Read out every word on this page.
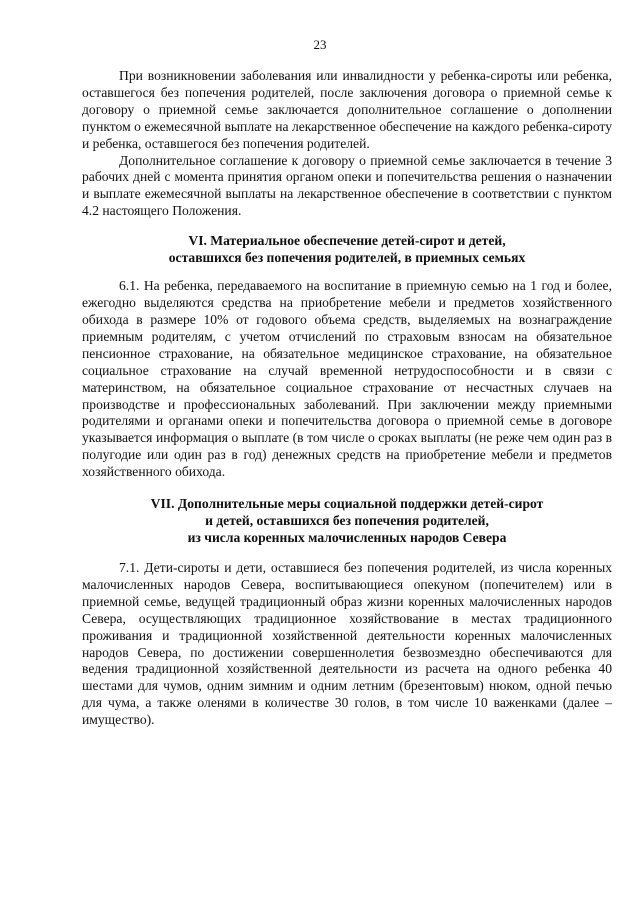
23

При возникновении заболевания или инвалидности у ребенка-сироты или ребенка, оставшегося без попечения родителей, после заключения договора о приемной семье к договору о приемной семье заключается дополнительное соглашение о дополнении пунктом о ежемесячной выплате на лекарственное обеспечение на каждого ребенка-сироту и ребенка, оставшегося без попечения родителей.

Дополнительное соглашение к договору о приемной семье заключается в течение 3 рабочих дней с момента принятия органом опеки и попечительства решения о назначении и выплате ежемесячной выплаты на лекарственное обеспечение в соответствии с пунктом 4.2 настоящего Положения.

VI. Материальное обеспечение детей-сирот и детей,
оставшихся без попечения родителей, в приемных семьях

6.1. На ребенка, передаваемого на воспитание в приемную семью на 1 год и более, ежегодно выделяются средства на приобретение мебели и предметов хозяйственного обихода в размере 10% от годового объема средств, выделяемых на вознаграждение приемным родителям, с учетом отчислений по страховым взносам на обязательное пенсионное страхование, на обязательное медицинское страхование, на обязательное социальное страхование на случай временной нетрудоспособности и в связи с материнством, на обязательное социальное страхование от несчастных случаев на производстве и профессиональных заболеваний. При заключении между приемными родителями и органами опеки и попечительства договора о приемной семье в договоре указывается информация о выплате (в том числе о сроках выплаты (не реже чем один раз в полугодие или один раз в год) денежных средств на приобретение мебели и предметов хозяйственного обихода.

VII. Дополнительные меры социальной поддержки детей-сирот
и детей, оставшихся без попечения родителей,
из числа коренных малочисленных народов Севера

7.1. Дети-сироты и дети, оставшиеся без попечения родителей, из числа коренных малочисленных народов Севера, воспитывающиеся опекуном (попечителем) или в приемной семье, ведущей традиционный образ жизни коренных малочисленных народов Севера, осуществляющих традиционное хозяйствование в местах традиционного проживания и традиционной хозяйственной деятельности коренных малочисленных народов Севера, по достижении совершеннолетия безвозмездно обеспечиваются для ведения традиционной хозяйственной деятельности из расчета на одного ребенка 40 шестами для чумов, одним зимним и одним летним (брезентовым) нюком, одной печью для чума, а также оленями в количестве 30 голов, в том числе 10 важенками (далее – имущество).
